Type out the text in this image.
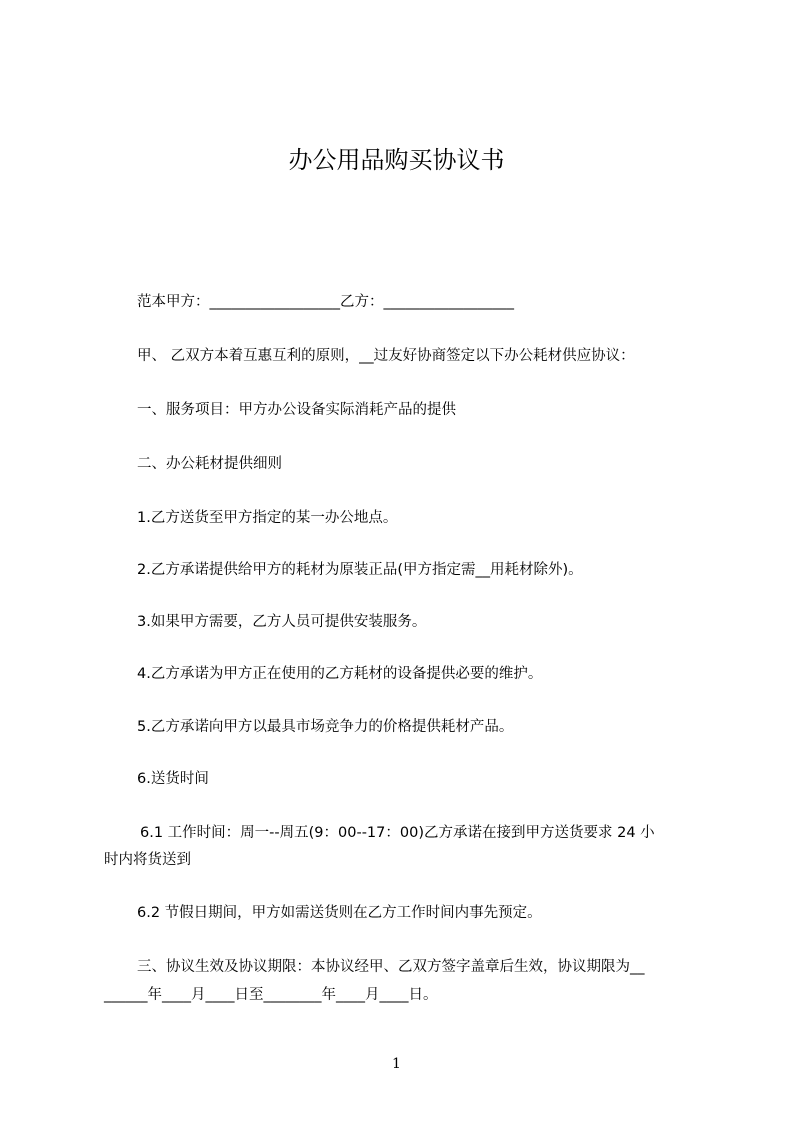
办公用品购买协议书
范本甲方：__________________乙方：__________________
甲、 乙双方本着互惠互利的原则，__过友好协商签定以下办公耗材供应协议：
一、服务项目：甲方办公设备实际消耗产品的提供
二、办公耗材提供细则
1.乙方送货至甲方指定的某一办公地点。
2.乙方承诺提供给甲方的耗材为原装正品(甲方指定需__用耗材除外)。
3.如果甲方需要，乙方人员可提供安装服务。
4.乙方承诺为甲方正在使用的乙方耗材的设备提供必要的维护。
5.乙方承诺向甲方以最具市场竞争力的价格提供耗材产品。
6.送货时间
6.1 工作时间：周一--周五(9：00--17：00)乙方承诺在接到甲方送货要求 24 小
时内将货送到
6.2 节假日期间，甲方如需送货则在乙方工作时间内事先预定。
三、协议生效及协议期限：本协议经甲、乙双方签字盖章后生效，协议期限为__
______年____月____日至________年____月____日。
1
